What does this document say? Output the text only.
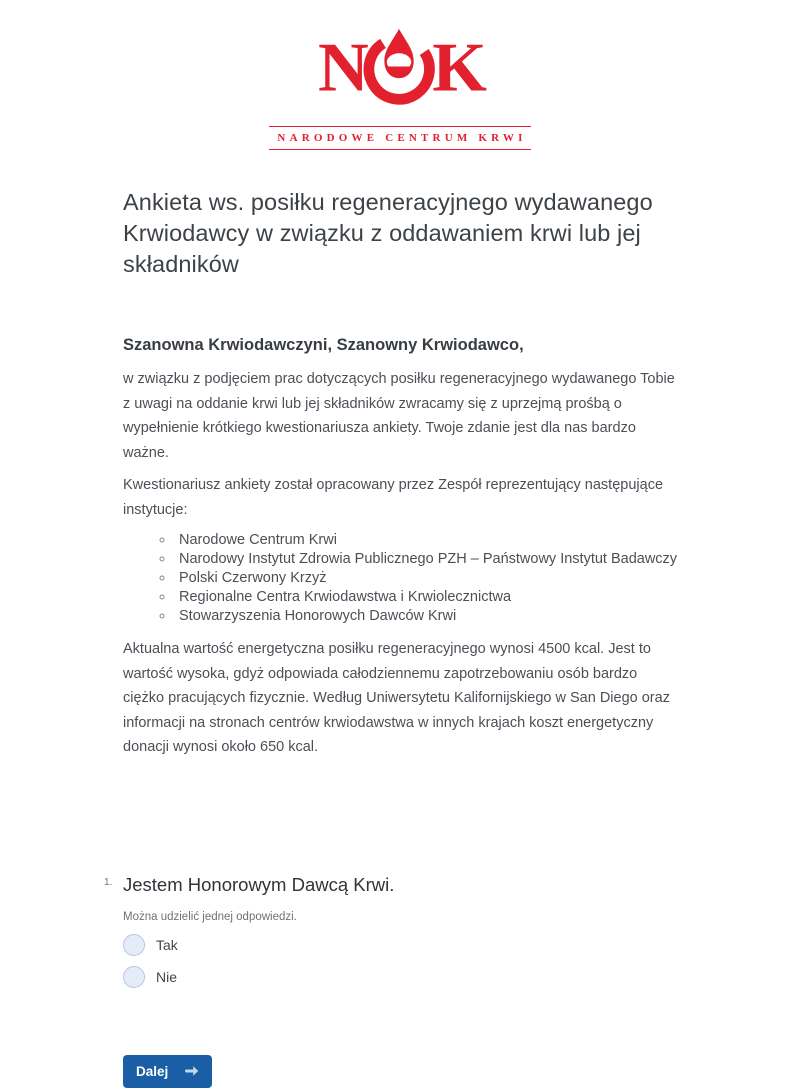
N K

NARODOWE CENTRUM KRWI
Ankieta ws. posiłku regeneracyjnego wydawanego Krwiodawcy w związku z oddawaniem krwi lub jej składników
Szanowna Krwiodawczyni, Szanowny Krwiodawco,

w związku z podjęciem prac dotyczących posiłku regeneracyjnego wydawanego Tobie z uwagi na oddanie krwi lub jej składników zwracamy się z uprzejmą prośbą o wypełnienie krótkiego kwestionariusza ankiety. Twoje zdanie jest dla nas bardzo ważne.

Kwestionariusz ankiety został opracowany przez Zespół reprezentujący następujące instytucje:

◦ Narodowe Centrum Krwi
◦ Narodowy Instytut Zdrowia Publicznego PZH – Państwowy Instytut Badawczy
◦ Polski Czerwony Krzyż
◦ Regionalne Centra Krwiodawstwa i Krwiolecznictwa
◦ Stowarzyszenia Honorowych Dawców Krwi

Aktualna wartość energetyczna posiłku regeneracyjnego wynosi 4500 kcal. Jest to wartość wysoka, gdyż odpowiada całodziennemu zapotrzebowaniu osób bardzo ciężko pracujących fizycznie. Według Uniwersytetu Kalifornijskiego w San Diego oraz informacji na stronach centrów krwiodawstwa w innych krajach koszt energetyczny donacji wynosi około 650 kcal.

1. Jestem Honorowym Dawcą Krwi.
Można udzielić jednej odpowiedzi.
Tak
Nie
Dalej
